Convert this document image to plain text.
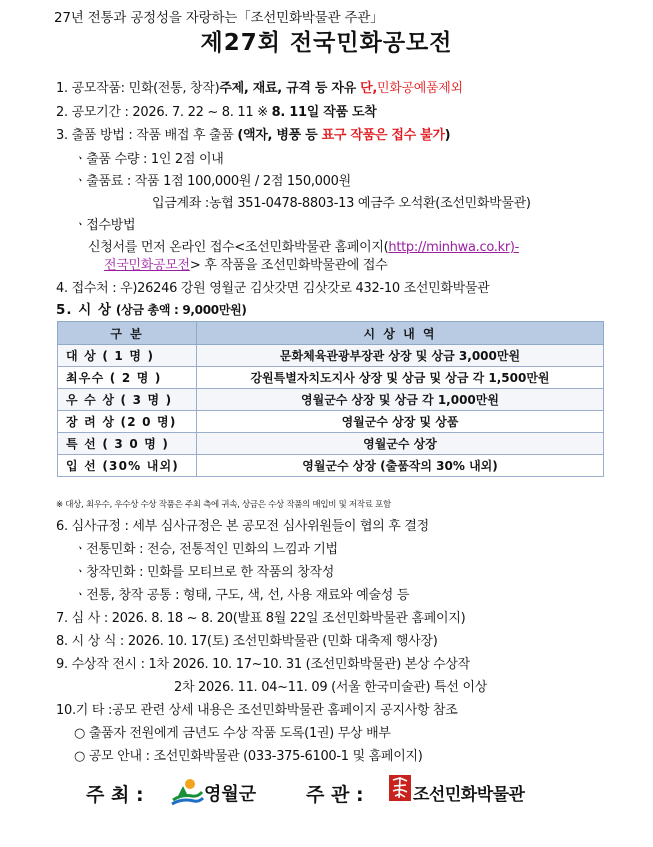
27년 전통과 공정성을 자랑하는「조선민화박물관 주관」
제27회 전국민화공모전
1. 공모작품: 민화(전통, 창작)주제, 재료, 규격 등 자유 단,민화공예품제외
2. 공모기간 : 2026. 7. 22 ~ 8. 11 ※ 8. 11일 작품 도착
3. 출품 방법 : 작품 배접 후 출품 (액자, 병풍 등 표구 작품은 접수 불가)
ㆍ출품 수량 : 1인 2점 이내
ㆍ출품료 : 작품 1점 100,000원 / 2점 150,000원
입금계좌 :농협 351-0478-8803-13 예금주 오석환(조선민화박물관)
ㆍ접수방법
신청서를 먼저 온라인 접수<조선민화박물관 홈페이지(http://minhwa.co.kr)-
전국민화공모전> 후 작품을 조선민화박물관에 접수
4. 접수처 : 우)26246 강원 영월군 김삿갓면 김삿갓로 432-10 조선민화박물관
5. 시 상 (상금 총액 : 9,000만원)
구 분	시 상 내 역
대 상 ( 1 명 )	문화체육관광부장관 상장 및 상금 3,000만원
최우수 ( 2 명 )	강원특별자치도지사 상장 및 상금 및 상금 각 1,500만원
우 수 상 ( 3 명 )	영월군수 상장 및 상금 각 1,000만원
장 려 상 (2 0 명)	영월군수 상장 및 상품
특 선 ( 3 0 명 )	영월군수 상장
입 선 (30% 내외)	영월군수 상장 (출품작의 30% 내외)
※ 대상, 최우수, 우수상 수상 작품은 주최 측에 귀속, 상금은 수상 작품의 매입비 및 저작료 포함
6. 심사규정 : 세부 심사규정은 본 공모전 심사위원들이 협의 후 결정
ㆍ전통민화 : 전승, 전통적인 민화의 느낌과 기법
ㆍ창작민화 : 민화를 모티브로 한 작품의 창작성
ㆍ전통, 창작 공통 : 형태, 구도, 색, 선, 사용 재료와 예술성 등
7. 심 사 : 2026. 8. 18 ~ 8. 20(발표 8월 22일 조선민화박물관 홈페이지)
8. 시 상 식 : 2026. 10. 17(토) 조선민화박물관 (민화 대축제 행사장)
9. 수상작 전시 : 1차 2026. 10. 17~10. 31 (조선민화박물관) 본상 수상작
2차 2026. 11. 04~11. 09 (서울 한국미술관) 특선 이상
10.기 타 :공모 관련 상세 내용은 조선민화박물관 홈페이지 공지사항 참조
○ 출품자 전원에게 금년도 수상 작품 도록(1권) 무상 배부
○ 공모 안내 : 조선민화박물관 (033-375-6100-1 및 홈페이지)
주 최 :	영월군	주 관 :	조선민화박물관
